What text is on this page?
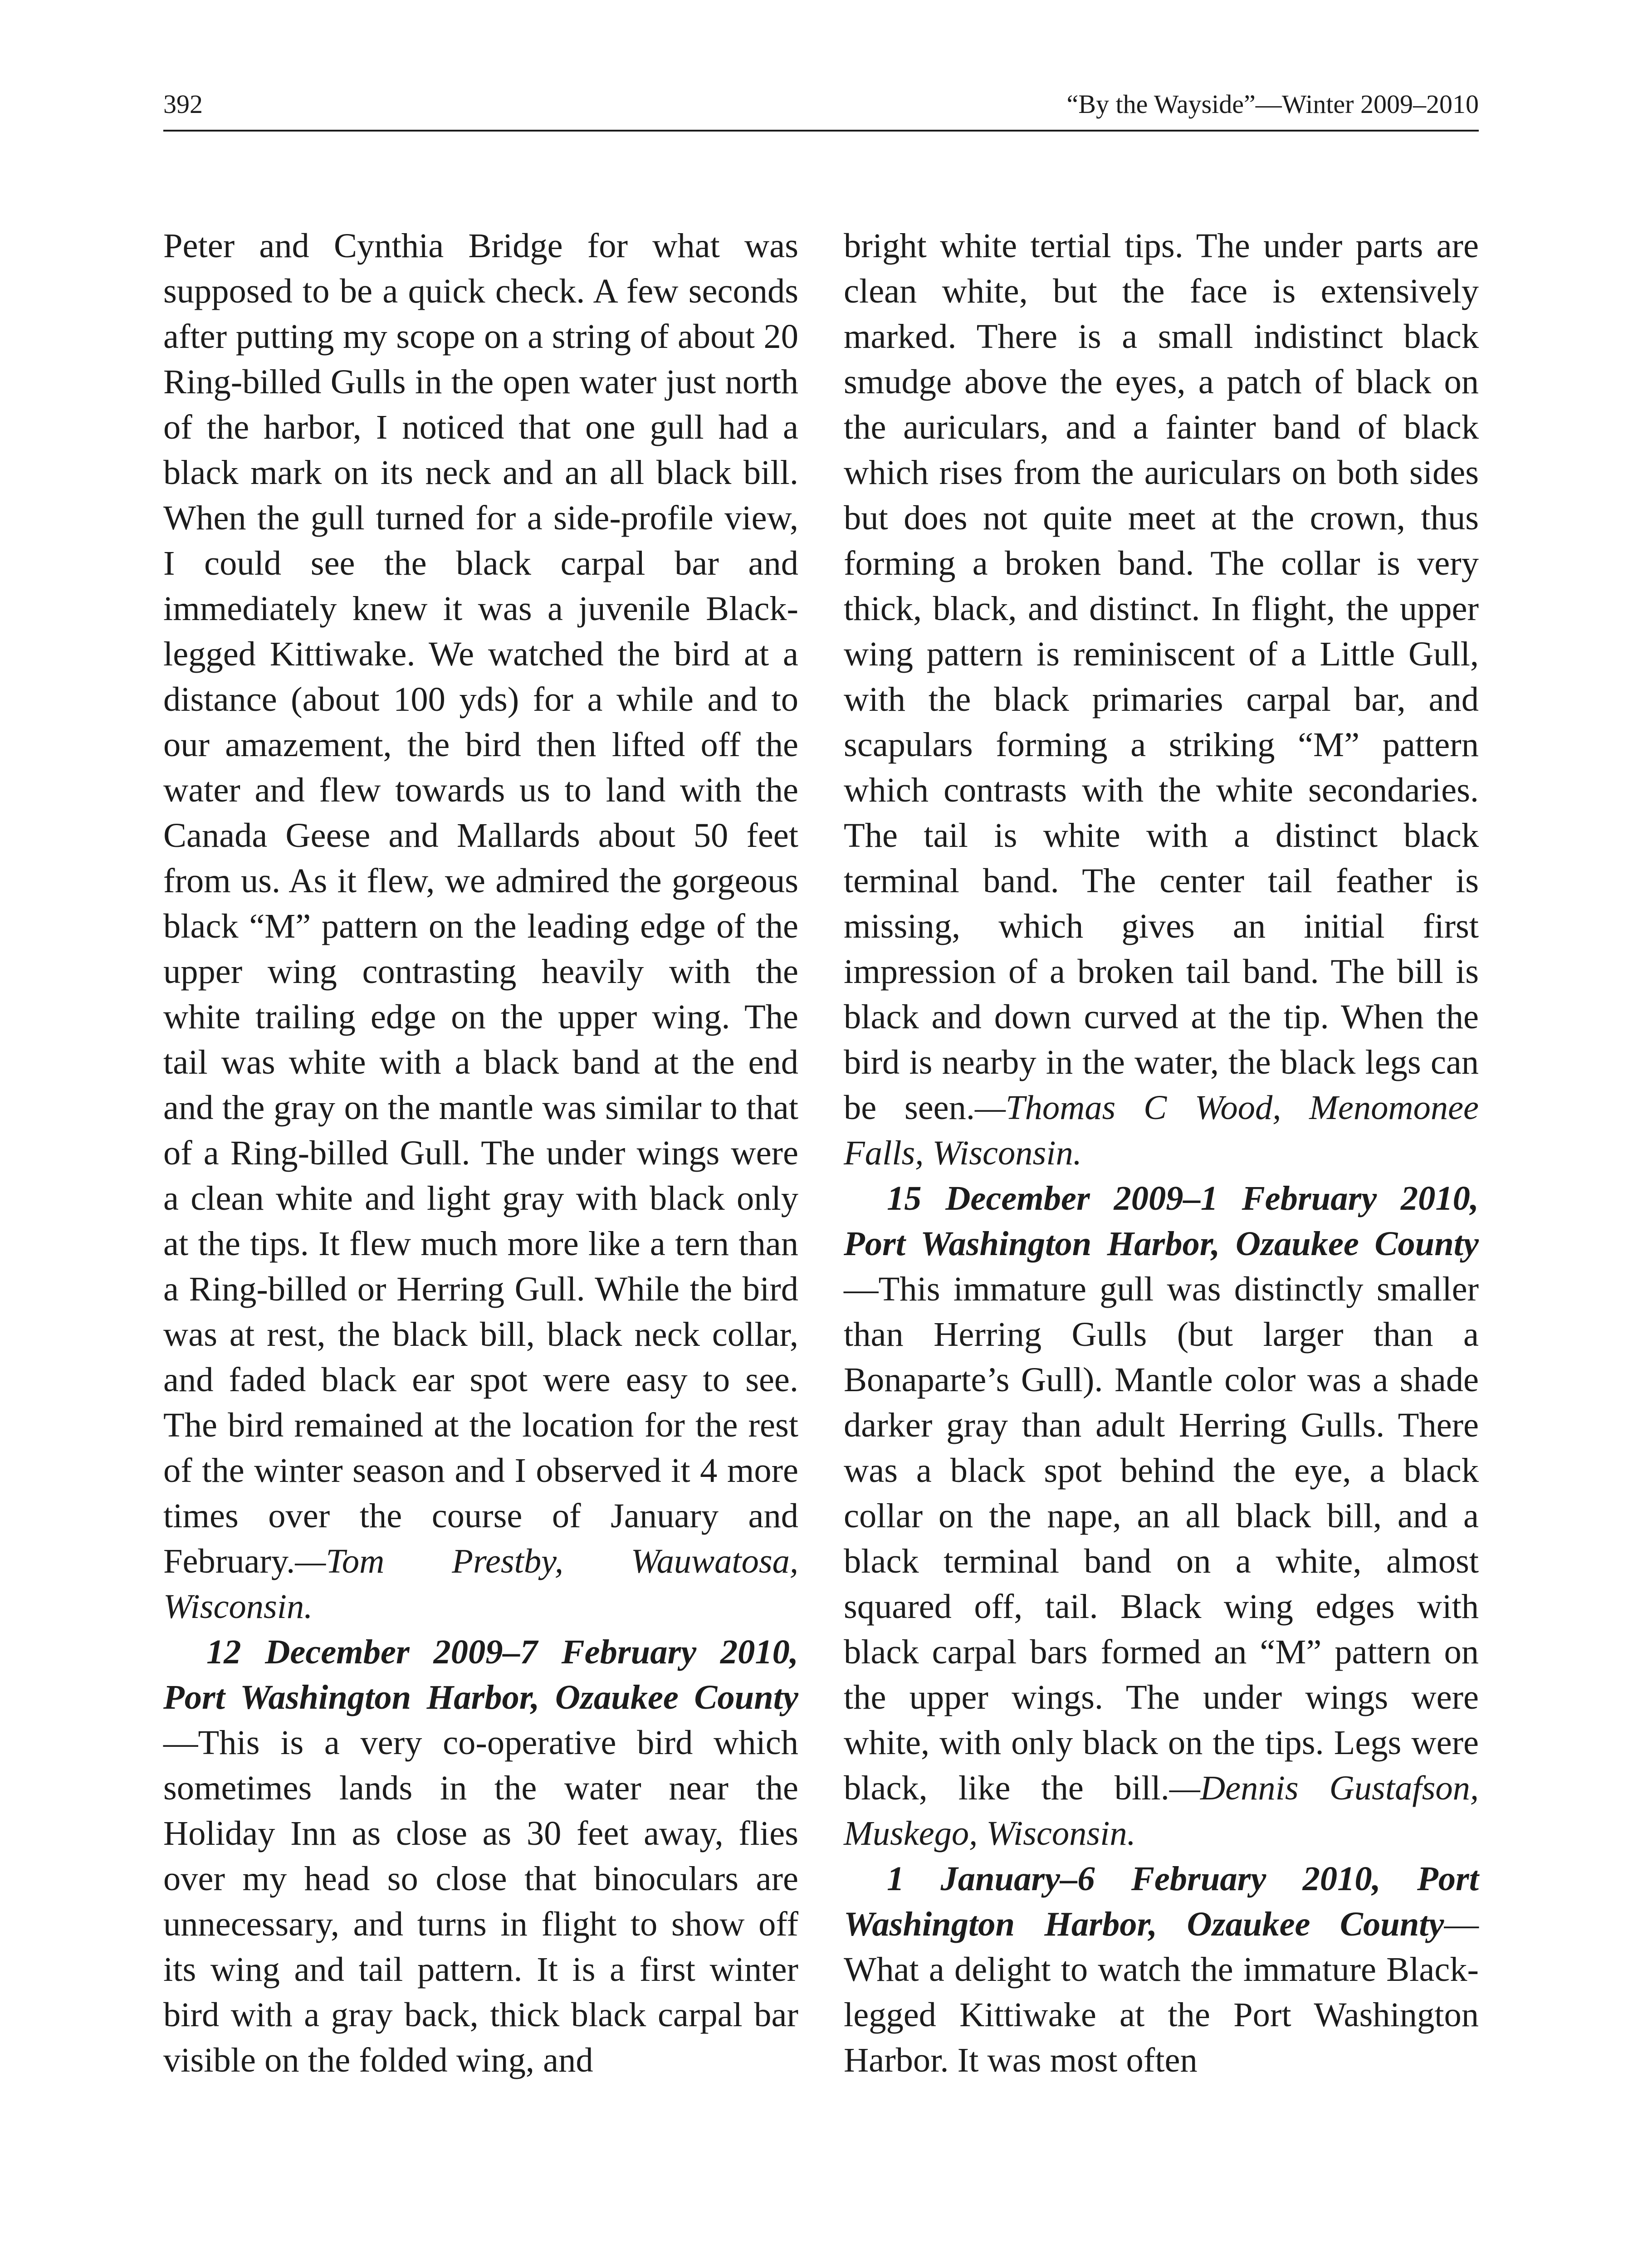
392	“By the Wayside”—Winter 2009–2010

Peter and Cynthia Bridge for what was supposed to be a quick check. A few seconds after putting my scope on a string of about 20 Ring-billed Gulls in the open water just north of the harbor, I noticed that one gull had a black mark on its neck and an all black bill. When the gull turned for a side-profile view, I could see the black carpal bar and immediately knew it was a juvenile Black-legged Kittiwake. We watched the bird at a distance (about 100 yds) for a while and to our amazement, the bird then lifted off the water and flew towards us to land with the Canada Geese and Mallards about 50 feet from us. As it flew, we admired the gorgeous black “M” pattern on the leading edge of the upper wing contrasting heavily with the white trailing edge on the upper wing. The tail was white with a black band at the end and the gray on the mantle was similar to that of a Ring-billed Gull. The under wings were a clean white and light gray with black only at the tips. It flew much more like a tern than a Ring-billed or Herring Gull. While the bird was at rest, the black bill, black neck collar, and faded black ear spot were easy to see. The bird remained at the location for the rest of the winter season and I observed it 4 more times over the course of January and February.—Tom Prestby, Wauwatosa, Wisconsin.

12 December 2009–7 February 2010, Port Washington Harbor, Ozaukee County—This is a very co-operative bird which sometimes lands in the water near the Holiday Inn as close as 30 feet away, flies over my head so close that binoculars are unnecessary, and turns in flight to show off its wing and tail pattern. It is a first winter bird with a gray back, thick black carpal bar visible on the folded wing, and

bright white tertial tips. The under parts are clean white, but the face is extensively marked. There is a small indistinct black smudge above the eyes, a patch of black on the auriculars, and a fainter band of black which rises from the auriculars on both sides but does not quite meet at the crown, thus forming a broken band. The collar is very thick, black, and distinct. In flight, the upper wing pattern is reminiscent of a Little Gull, with the black primaries carpal bar, and scapulars forming a striking “M” pattern which contrasts with the white secondaries. The tail is white with a distinct black terminal band. The center tail feather is missing, which gives an initial first impression of a broken tail band. The bill is black and down curved at the tip. When the bird is nearby in the water, the black legs can be seen.—Thomas C Wood, Menomonee Falls, Wisconsin.

15 December 2009–1 February 2010, Port Washington Harbor, Ozaukee County—This immature gull was distinctly smaller than Herring Gulls (but larger than a Bonaparte’s Gull). Mantle color was a shade darker gray than adult Herring Gulls. There was a black spot behind the eye, a black collar on the nape, an all black bill, and a black terminal band on a white, almost squared off, tail. Black wing edges with black carpal bars formed an “M” pattern on the upper wings. The under wings were white, with only black on the tips. Legs were black, like the bill.—Dennis Gustafson, Muskego, Wisconsin.

1 January–6 February 2010, Port Washington Harbor, Ozaukee County— What a delight to watch the immature Black-legged Kittiwake at the Port Washington Harbor. It was most often
